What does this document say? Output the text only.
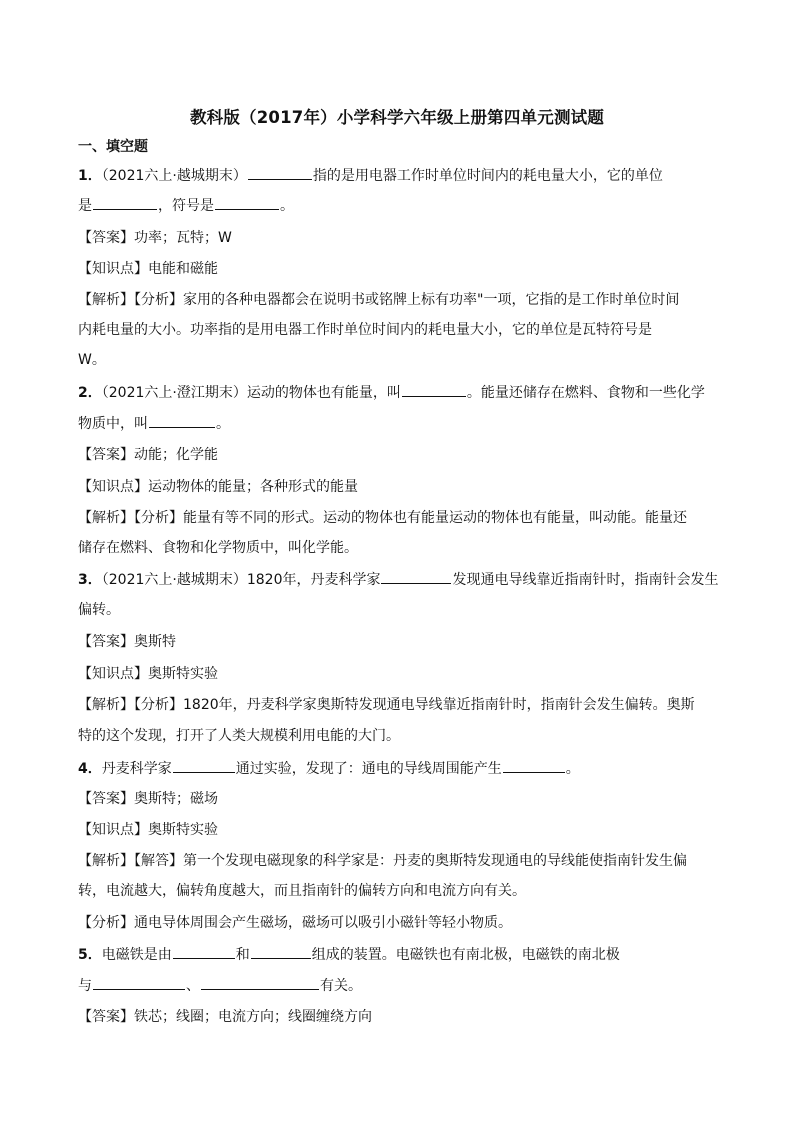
教科版（2017年）小学科学六年级上册第四单元测试题
一、填空题
1．（2021六上·越城期末）	指的是用电器工作时单位时间内的耗电量大小，它的单位
是	，符号是	。
【答案】功率；瓦特；W
【知识点】电能和磁能
【解析】【分析】家用的各种电器都会在说明书或铭牌上标有功率"一项，它指的是工作时单位时间
内耗电量的大小。功率指的是用电器工作时单位时间内的耗电量大小，它的单位是瓦特符号是
W。
2．（2021六上·澄江期末）运动的物体也有能量，叫	。能量还储存在燃料、食物和一些化学
物质中，叫	。
【答案】动能；化学能
【知识点】运动物体的能量；各种形式的能量
【解析】【分析】能量有等不同的形式。运动的物体也有能量运动的物体也有能量，叫动能。能量还
储存在燃料、食物和化学物质中，叫化学能。
3．（2021六上·越城期末）1820年，丹麦科学家	发现通电导线靠近指南针时，指南针会发生
偏转。
【答案】奥斯特
【知识点】奥斯特实验
【解析】【分析】1820年，丹麦科学家奥斯特发现通电导线靠近指南针时，指南针会发生偏转。奥斯
特的这个发现，打开了人类大规模利用电能的大门。
4．丹麦科学家	通过实验，发现了：通电的导线周围能产生	。
【答案】奥斯特；磁场
【知识点】奥斯特实验
【解析】【解答】第一个发现电磁现象的科学家是：丹麦的奥斯特发现通电的导线能使指南针发生偏
转，电流越大，偏转角度越大，而且指南针的偏转方向和电流方向有关。
【分析】通电导体周围会产生磁场，磁场可以吸引小磁针等轻小物质。
5．电磁铁是由	和	组成的装置。电磁铁也有南北极，电磁铁的南北极
与	、	有关。
【答案】铁芯；线圈；电流方向；线圈缠绕方向
